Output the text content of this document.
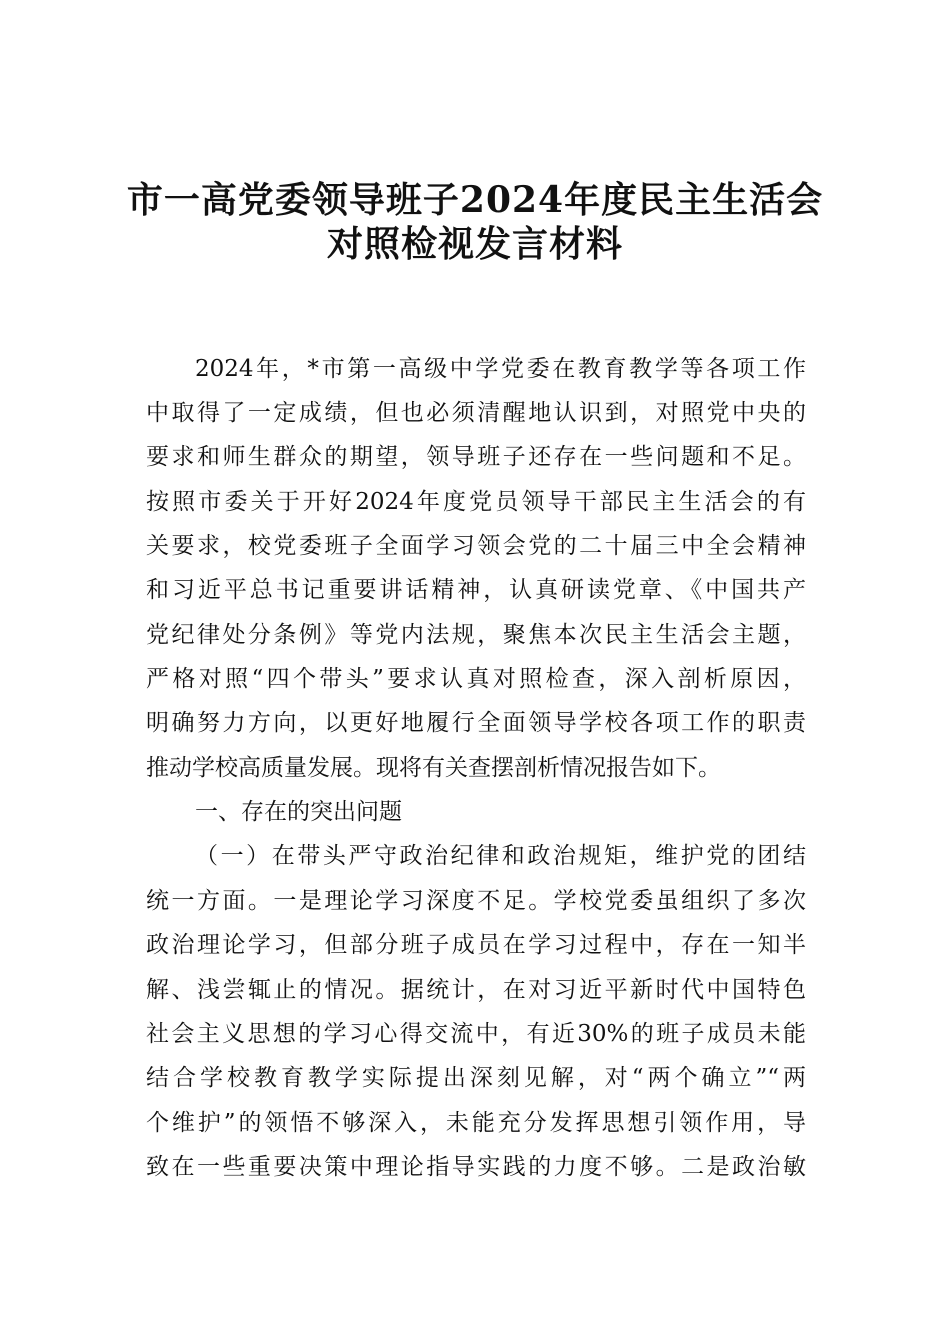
市一高党委领导班子2024年度民主生活会
对照检视发言材料
2024年，*市第一高级中学党委在教育教学等各项工作
中取得了一定成绩，但也必须清醒地认识到，对照党中央的
要求和师生群众的期望，领导班子还存在一些问题和不足。
按照市委关于开好2024年度党员领导干部民主生活会的有
关要求，校党委班子全面学习领会党的二十届三中全会精神
和习近平总书记重要讲话精神，认真研读党章、《中国共产
党纪律处分条例》等党内法规，聚焦本次民主生活会主题，
严格对照“四个带头”要求认真对照检查，深入剖析原因，
明确努力方向，以更好地履行全面领导学校各项工作的职责
推动学校高质量发展。现将有关查摆剖析情况报告如下。
一、存在的突出问题
（一）在带头严守政治纪律和政治规矩，维护党的团结
统一方面。一是理论学习深度不足。学校党委虽组织了多次
政治理论学习，但部分班子成员在学习过程中，存在一知半
解、浅尝辄止的情况。据统计，在对习近平新时代中国特色
社会主义思想的学习心得交流中，有近30%的班子成员未能
结合学校教育教学实际提出深刻见解，对“两个确立”“两
个维护”的领悟不够深入，未能充分发挥思想引领作用，导
致在一些重要决策中理论指导实践的力度不够。二是政治敏
